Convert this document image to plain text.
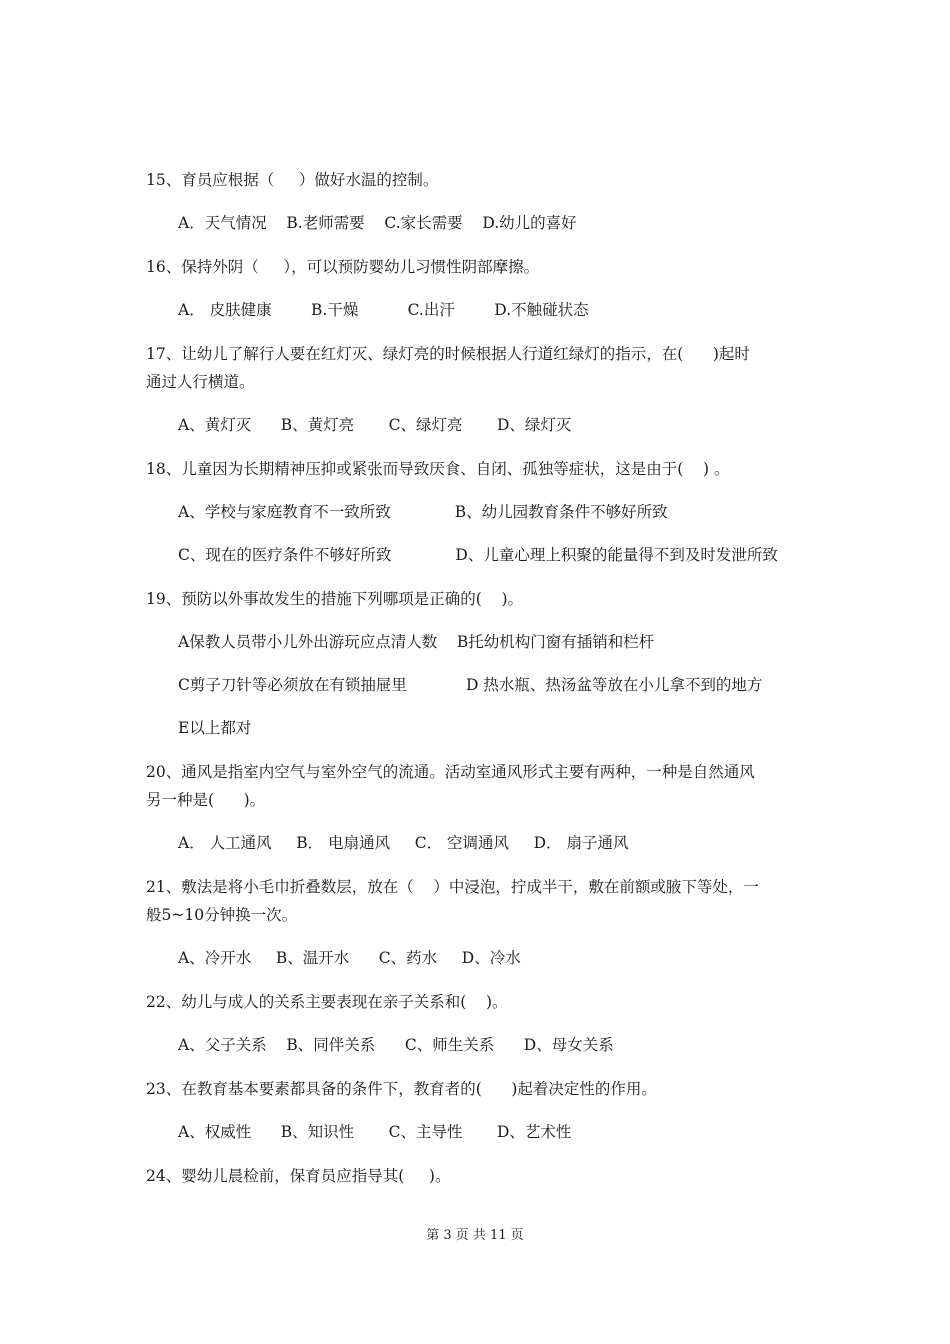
15、育员应根据（     ）做好水温的控制。
A．天气情况    B.老师需要    C.家长需要    D.幼儿的喜好
16、保持外阴（     ），可以预防婴幼儿习惯性阴部摩擦。
A． 皮肤健康        B.干燥          C.出汗        D.不触碰状态
17、让幼儿了解行人要在红灯灭、绿灯亮的时候根据人行道红绿灯的指示，在(      )起时
通过人行横道。
A、黄灯灭      B、黄灯亮       C、绿灯亮       D、绿灯灭
18、儿童因为长期精神压抑或紧张而导致厌食、自闭、孤独等症状，这是由于(    ) 。
A、学校与家庭教育不一致所致             B、幼儿园教育条件不够好所致
C、现在的医疗条件不够好所致             D、儿童心理上积聚的能量得不到及时发泄所致
19、预防以外事故发生的措施下列哪项是正确的(    )。
A保教人员带小儿外出游玩应点清人数    B托幼机构门窗有插销和栏杆
C剪子刀针等必须放在有锁抽屉里            D 热水瓶、热汤盆等放在小儿拿不到的地方
E以上都对
20、通风是指室内空气与室外空气的流通。活动室通风形式主要有两种，一种是自然通风
另一种是(      )。
A． 人工通风     B． 电扇通风     C． 空调通风     D． 扇子通风
21、敷法是将小毛巾折叠数层，放在（    ）中浸泡，拧成半干，敷在前额或腋下等处，一
般5~10分钟换一次。
A、冷开水     B、温开水      C、药水     D、冷水
22、幼儿与成人的关系主要表现在亲子关系和(    )。
A、父子关系    B、同伴关系      C、师生关系      D、母女关系
23、在教育基本要素都具备的条件下，教育者的(      )起着决定性的作用。
A、权威性      B、知识性       C、主导性       D、艺术性
24、婴幼儿晨检前，保育员应指导其(     )。
第 3 页 共 11 页
